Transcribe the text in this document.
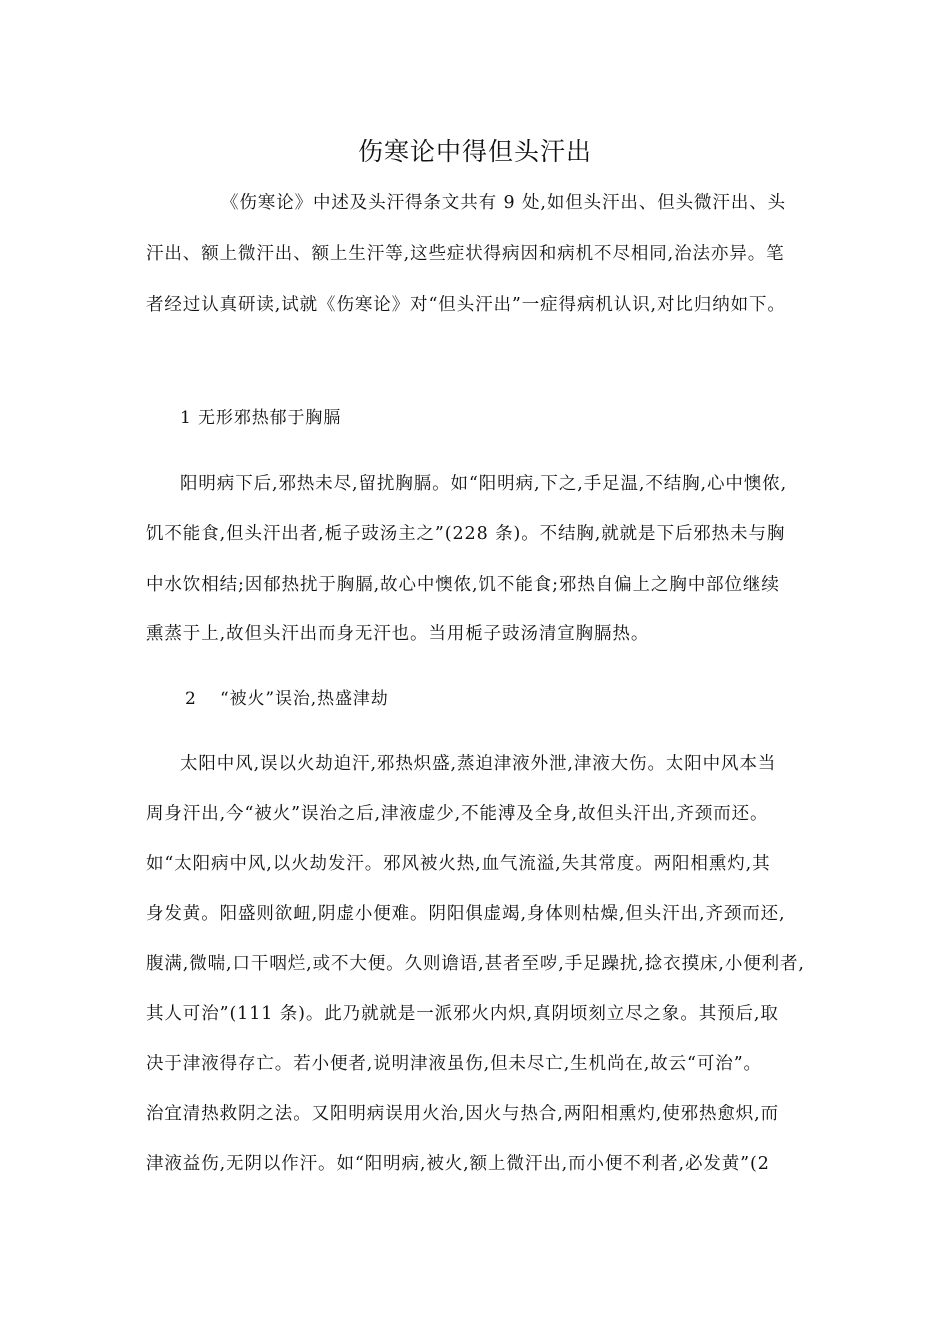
伤寒论中得但头汗出
《伤寒论》中述及头汗得条文共有 9 处,如但头汗出、但头微汗出、头
汗出、额上微汗出、额上生汗等,这些症状得病因和病机不尽相同,治法亦异。笔
者经过认真研读,试就《伤寒论》对“但头汗出”一症得病机认识,对比归纳如下。
1 无形邪热郁于胸膈
阳明病下后,邪热未尽,留扰胸膈。如“阳明病,下之,手足温,不结胸,心中懊侬,
饥不能食,但头汗出者,栀子豉汤主之”(228 条)。不结胸,就就是下后邪热未与胸
中水饮相结;因郁热扰于胸膈,故心中懊侬,饥不能食;邪热自偏上之胸中部位继续
熏蒸于上,故但头汗出而身无汗也。当用栀子豉汤清宣胸膈热。
2 “被火”误治,热盛津劫
太阳中风,误以火劫迫汗,邪热炽盛,蒸迫津液外泄,津液大伤。太阳中风本当
周身汗出,今“被火”误治之后,津液虚少,不能溥及全身,故但头汗出,齐颈而还。
如“太阳病中风,以火劫发汗。邪风被火热,血气流溢,失其常度。两阳相熏灼,其
身发黄。阳盛则欲衄,阴虚小便难。阴阳俱虚竭,身体则枯燥,但头汗出,齐颈而还,
腹满,微喘,口干咽烂,或不大便。久则谵语,甚者至哕,手足躁扰,捻衣摸床,小便利者,
其人可治”(111 条)。此乃就就是一派邪火内炽,真阴顷刻立尽之象。其预后,取
决于津液得存亡。若小便者,说明津液虽伤,但未尽亡,生机尚在,故云“可治”。
治宜清热救阴之法。又阳明病误用火治,因火与热合,两阳相熏灼,使邪热愈炽,而
津液益伤,无阴以作汗。如“阳明病,被火,额上微汗出,而小便不利者,必发黄”(2
